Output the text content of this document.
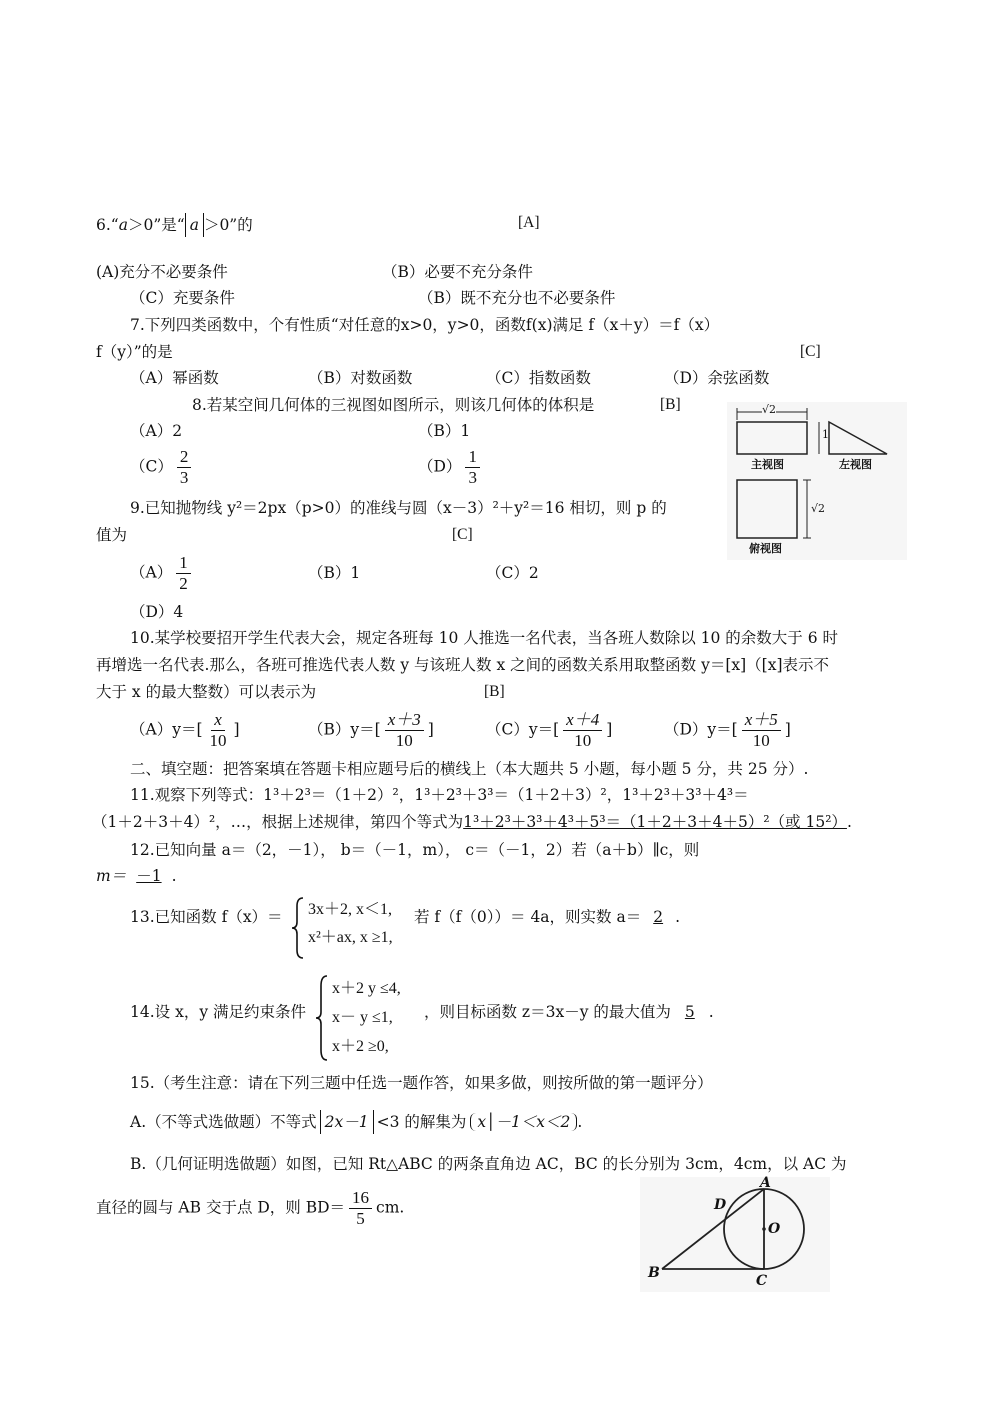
6.“a＞0”是“ a ＞0”的	[A]
(A)充分不必要条件	（B）必要不充分条件
（C）充要条件	（B）既不充分也不必要条件
7.下列四类函数中，个有性质“对任意的x>0，y>0，函数f(x)满足 f（x＋y）＝f（x）
f（y）”的是	[C]
（A）幂函数	（B）对数函数	（C）指数函数	（D）余弦函数
8.若某空间几何体的三视图如图所示，则该几何体的体积是	[B]
（A）2	（B）1
$(C) \frac{2}{3}$	$(D) \frac{1}{3}$
√2
1
√2
主视图	左视图
俯视图
9.已知抛物线 y²＝2px（p>0）的准线与圆（x－3）²＋y²＝16 相切，则 p 的
值为	[C]
$(A) \frac{1}{2}$	（B）1	（C）2
（D）4
10.某学校要招开学生代表大会，规定各班每 10 人推选一名代表，当各班人数除以 10 的余数大于 6 时
再增选一名代表.那么，各班可推选代表人数 y 与该班人数 x 之间的函数关系用取整函数 y＝[x]（[x]表示不
大于 x 的最大整数）可以表示为	[B]
$(A)y=[ \frac{x}{10}$ ]	$(B)y=[ \frac{x+3}{10}$ ]	$(C)y=[ \frac{x+4}{10}$ ]	$(D)y=[ \frac{x+5}{10}$ ]
二、填空题：把答案填在答题卡相应题号后的横线上（本大题共 5 小题，每小题 5 分，共 25 分）.
11.观察下列等式：1³＋2³＝（1＋2）²，1³＋2³＋3³＝（1＋2＋3）²，1³＋2³＋3³＋4³＝
（1＋2＋3＋4）²，…，根据上述规律，第四个等式为1³＋2³＋3³＋4³＋5³＝（1＋2＋3＋4＋5）²（或 15²）.
12.已知向量 a＝（2，－1）， b＝（－1，m）， c＝（－1，2）若（a＋b）∥c，则
m＝ －1 .
13.已知函数 f（x）＝ 3x＋2, x＜1,
x²＋ax, x ≥1,
若 f（f（0））＝ 4a，则实数 a＝ 2 .
14.设 x，y 满足约束条件
x＋2 y ≤4,
x－ y ≤1,
x＋2 ≥0,
，则目标函数 z＝3x－y 的最大值为 5 .
15.（考生注意：请在下列三题中任选一题作答，如果多做，则按所做的第一题评分）
A.（不等式选做题）不等式 2x－1 <3 的解集为 x│－1＜x＜2 .
B.（几何证明选做题）如图，已知 Rt△ABC 的两条直角边 AC，BC 的长分别为 3cm，4cm，以 AC 为
直径的圆与 AB 交于点 D，则 $BD= \frac{16}{5}$ cm.
A
B	C
D
O
